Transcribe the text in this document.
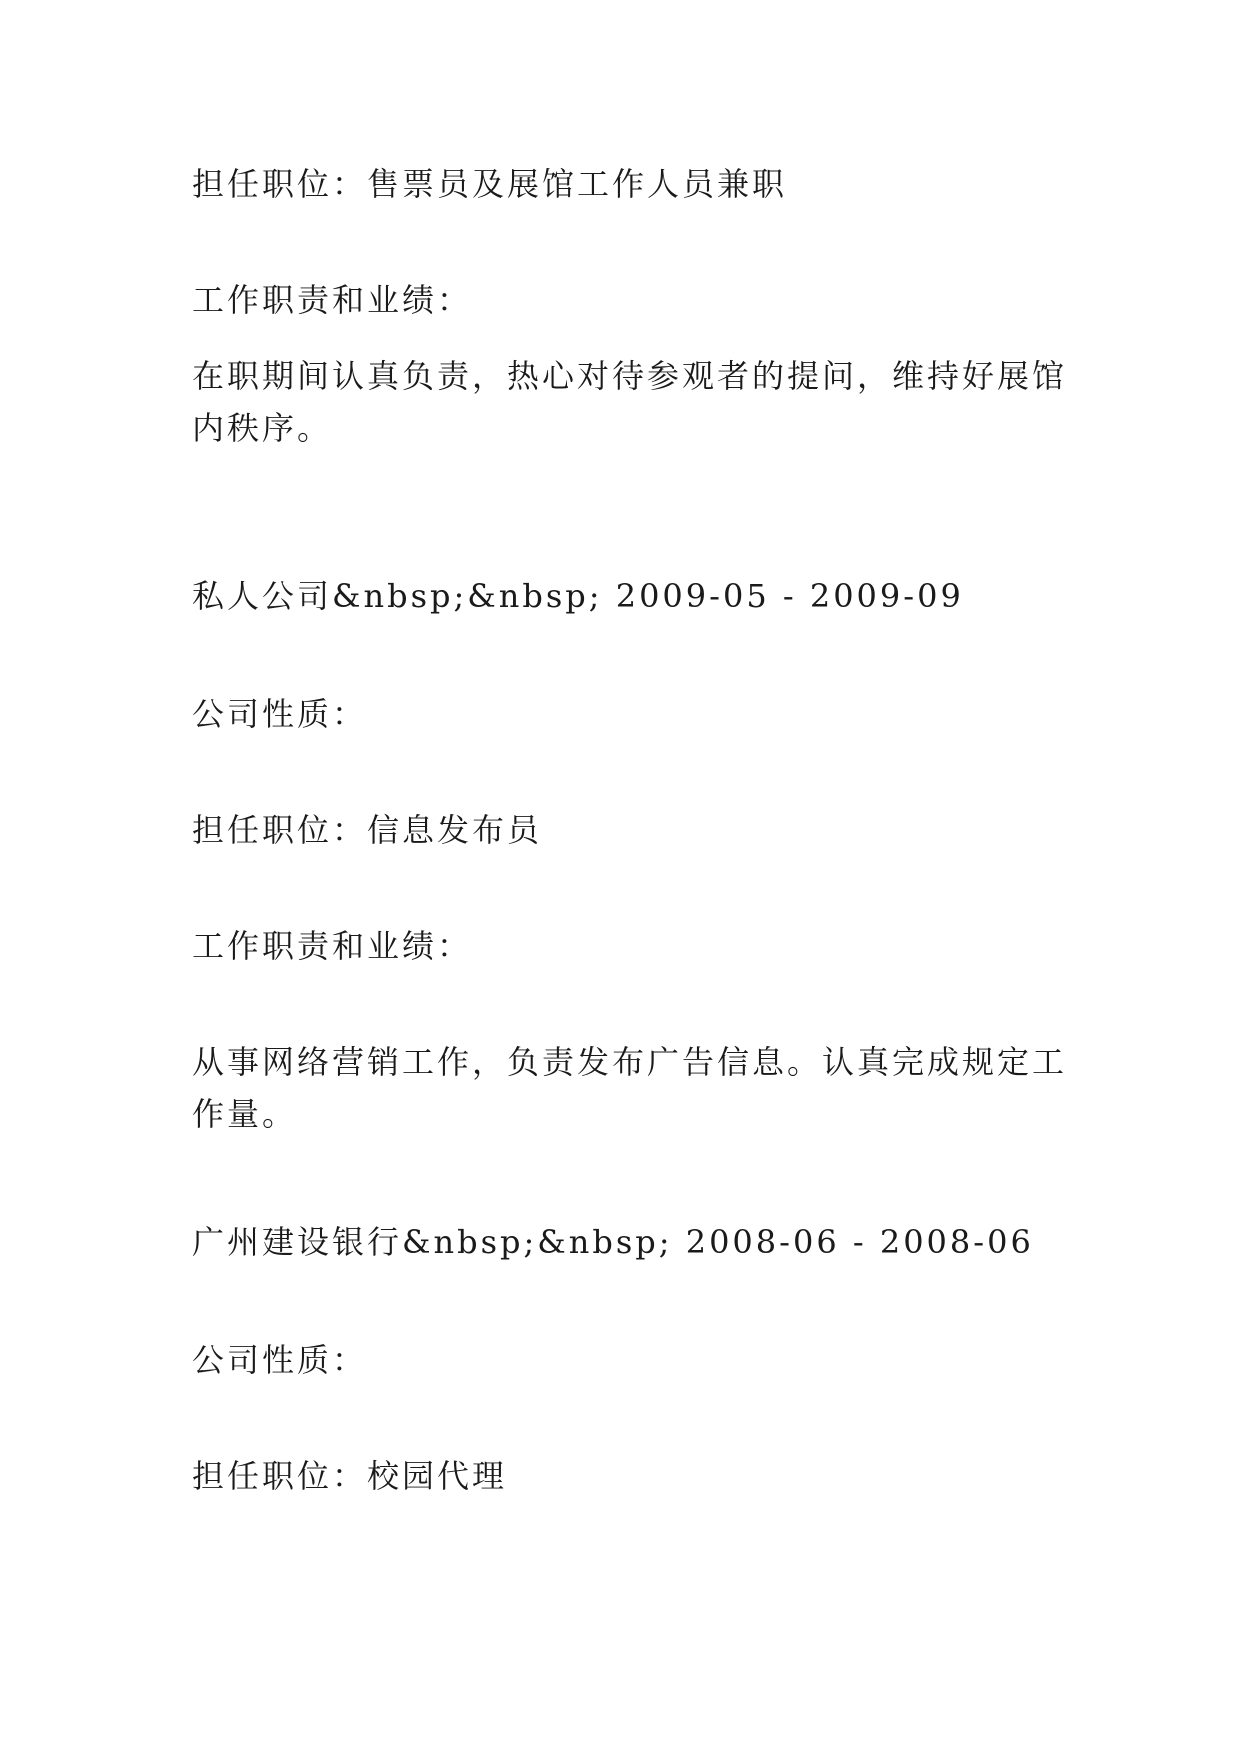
担任职位：售票员及展馆工作人员兼职
工作职责和业绩：
在职期间认真负责，热心对待参观者的提问，维持好展馆内秩序。
私人公司&nbsp;&nbsp; 2009-05 - 2009-09
公司性质：
担任职位：信息发布员
工作职责和业绩：
从事网络营销工作，负责发布广告信息。认真完成规定工作量。
广州建设银行&nbsp;&nbsp; 2008-06 - 2008-06
公司性质：
担任职位：校园代理
